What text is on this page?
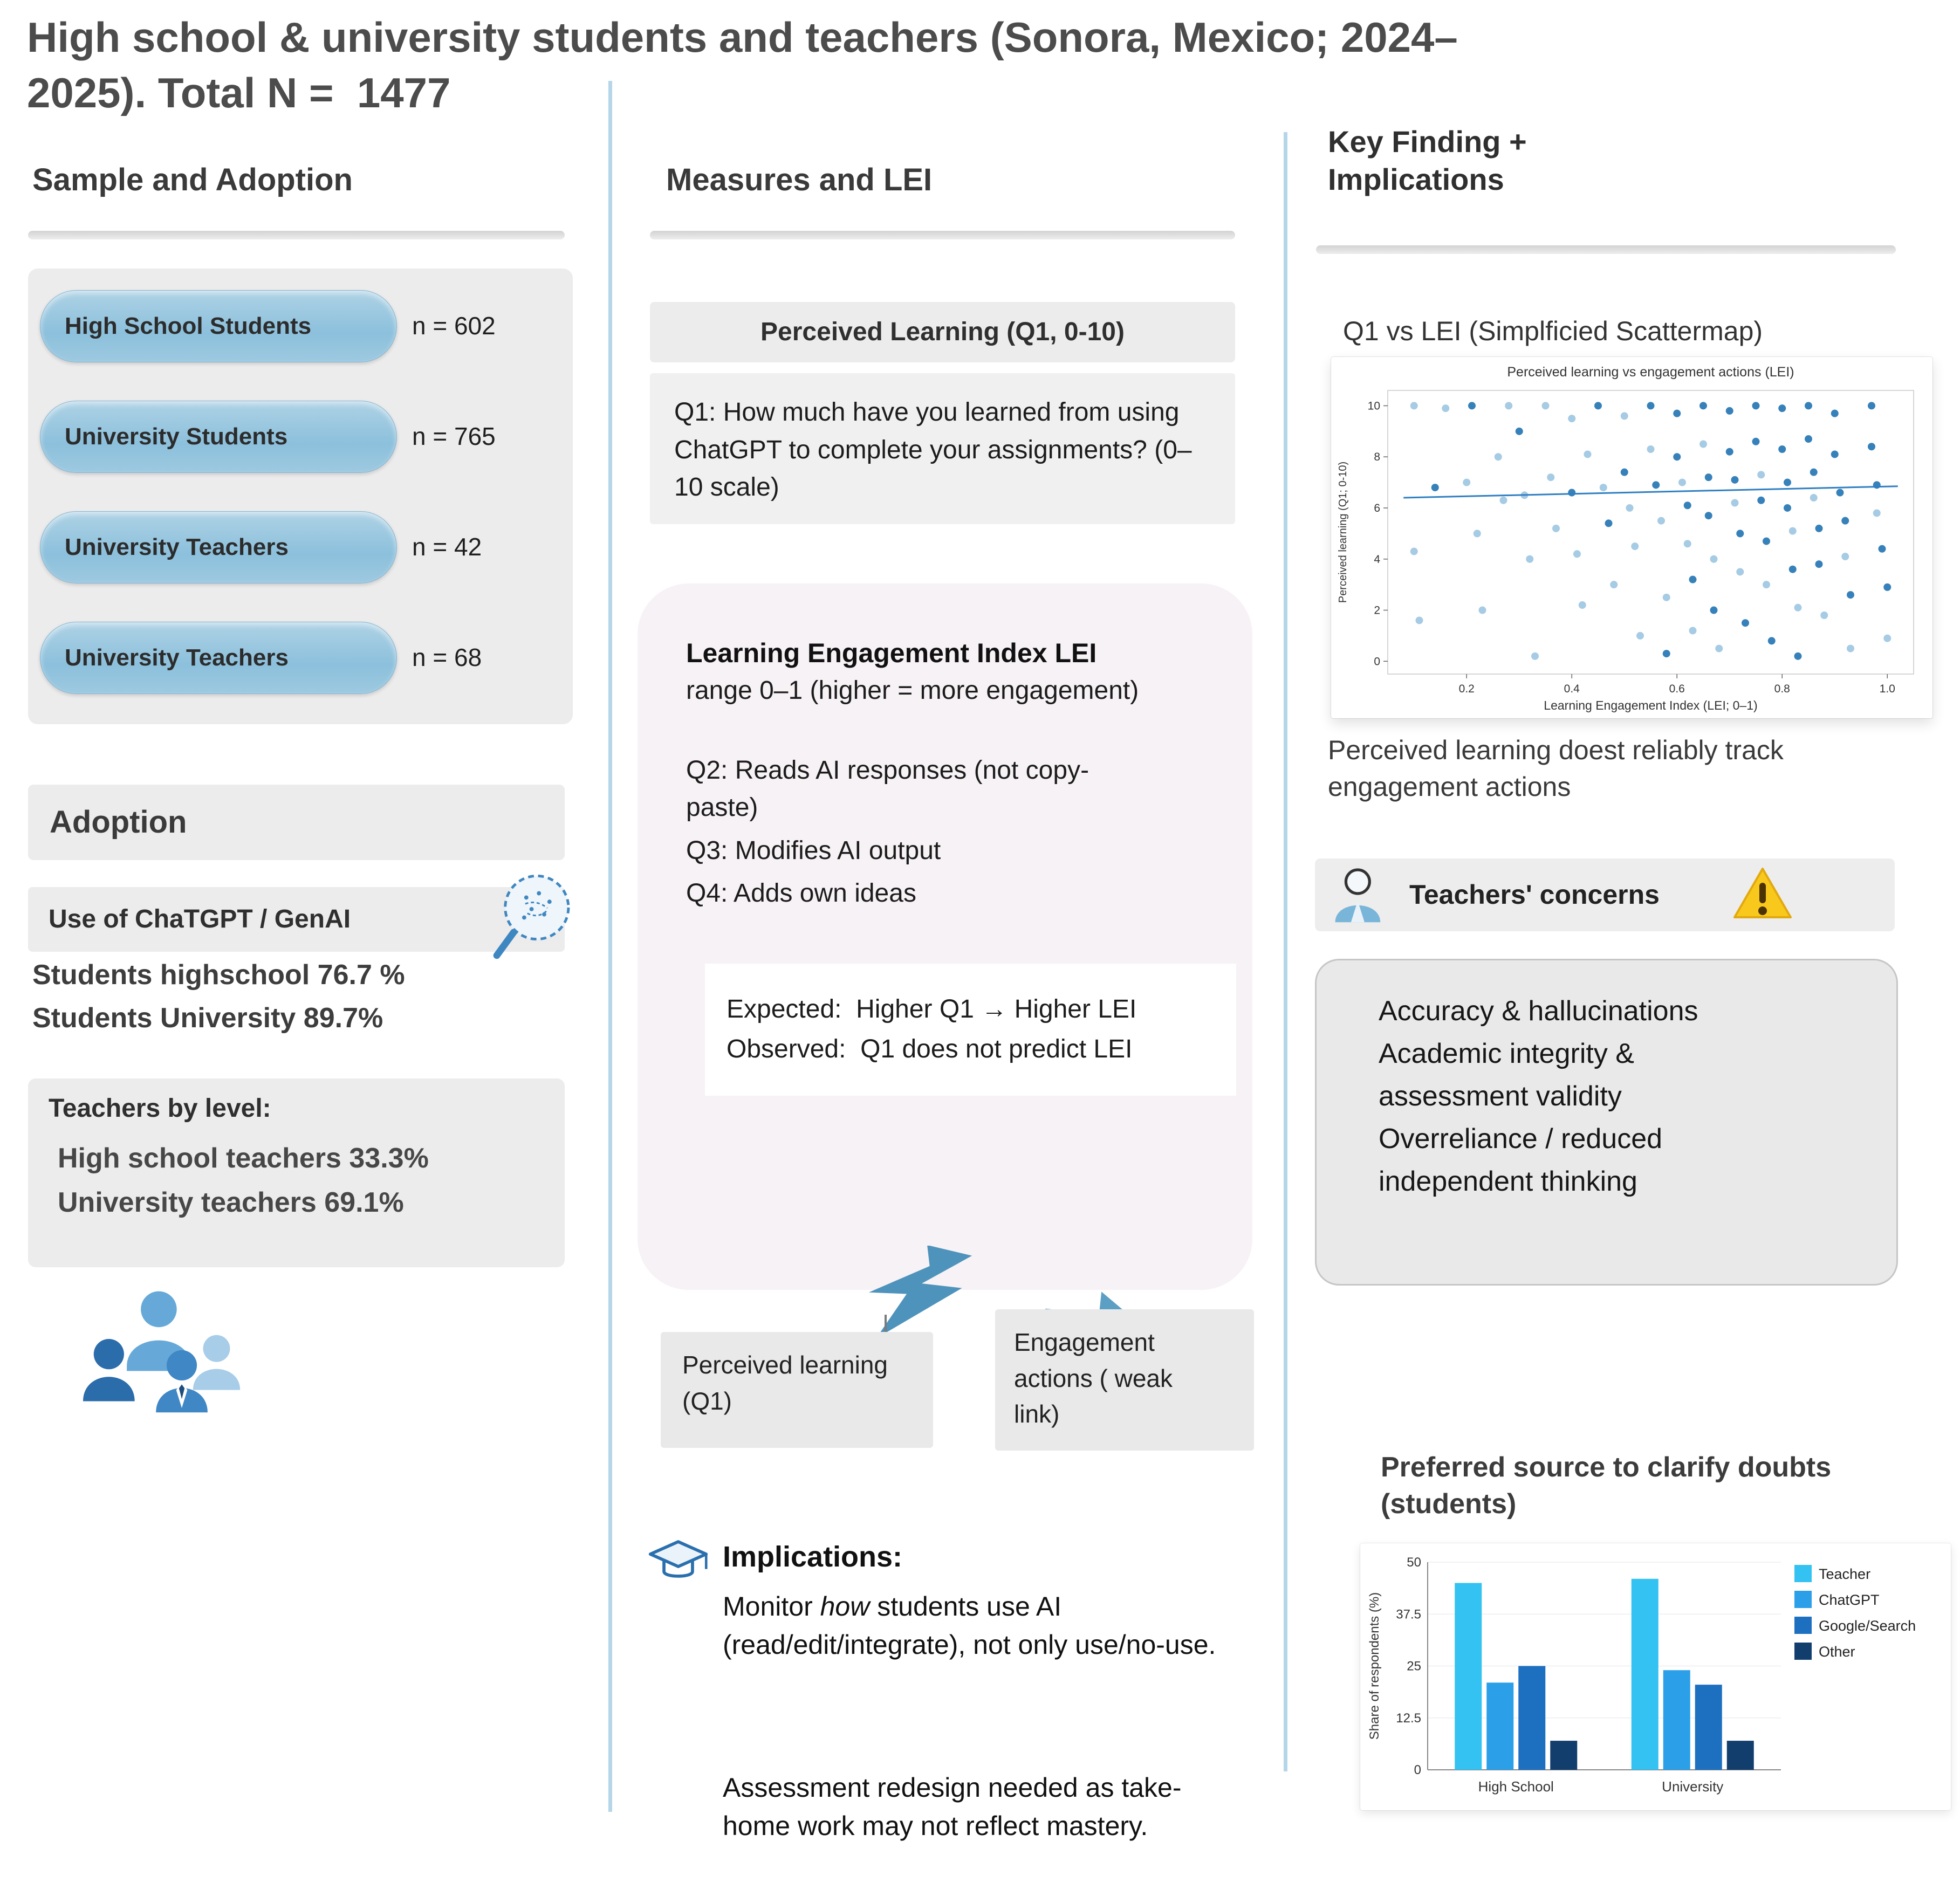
High school & university students and teachers (Sonora, Mexico; 2024–2025). Total N =  1477
Sample and Adoption
High School Students	n = 602
University Students	n = 765
University Teachers	n = 42
University Teachers	n = 68
Adoption
Use of ChaTGPT / GenAI
Students highschool 76.7 %
Students University 89.7%
Teachers by level:
High school teachers 33.3%
University teachers 69.1%
Measures and LEI
Perceived Learning (Q1, 0-10)
Q1: How much have you learned from using ChatGPT to complete your assignments? (0–10 scale)
Learning Engagement Index LEI
range 0–1 (higher = more engagement)
Q2: Reads AI responses (not copy-paste)
Q3: Modifies AI output
Q4: Adds own ideas
Expected:  Higher Q1 → Higher LEI
Observed:  Q1 does not predict LEI
Perceived learning (Q1)
Engagement actions ( weak link)
Implications:
Monitor how students use AI (read/edit/integrate), not only use/no-use.
Assessment redesign needed as take-home work may not reflect mastery.
Key Finding + Implications
Q1 vs LEI (Simplficied Scattermap)
0
2
4
6
8
10
0.2	0.4	0.6	0.8	1.0
Perceived learning vs engagement actions (LEI)
Learning Engagement Index (LEI; 0–1)
Perceived learning (Q1; 0-10)
Perceived learning doest reliably track engagement actions
Teachers' concerns
Accuracy & hallucinations
Academic integrity & assessment validity
Overreliance / reduced independent thinking
Preferred source to clarify doubts (students)
0
12.5
25
37.5
50
High School	University
Teacher
ChatGPT
Google/Search
Other
Share of respondents (%)
